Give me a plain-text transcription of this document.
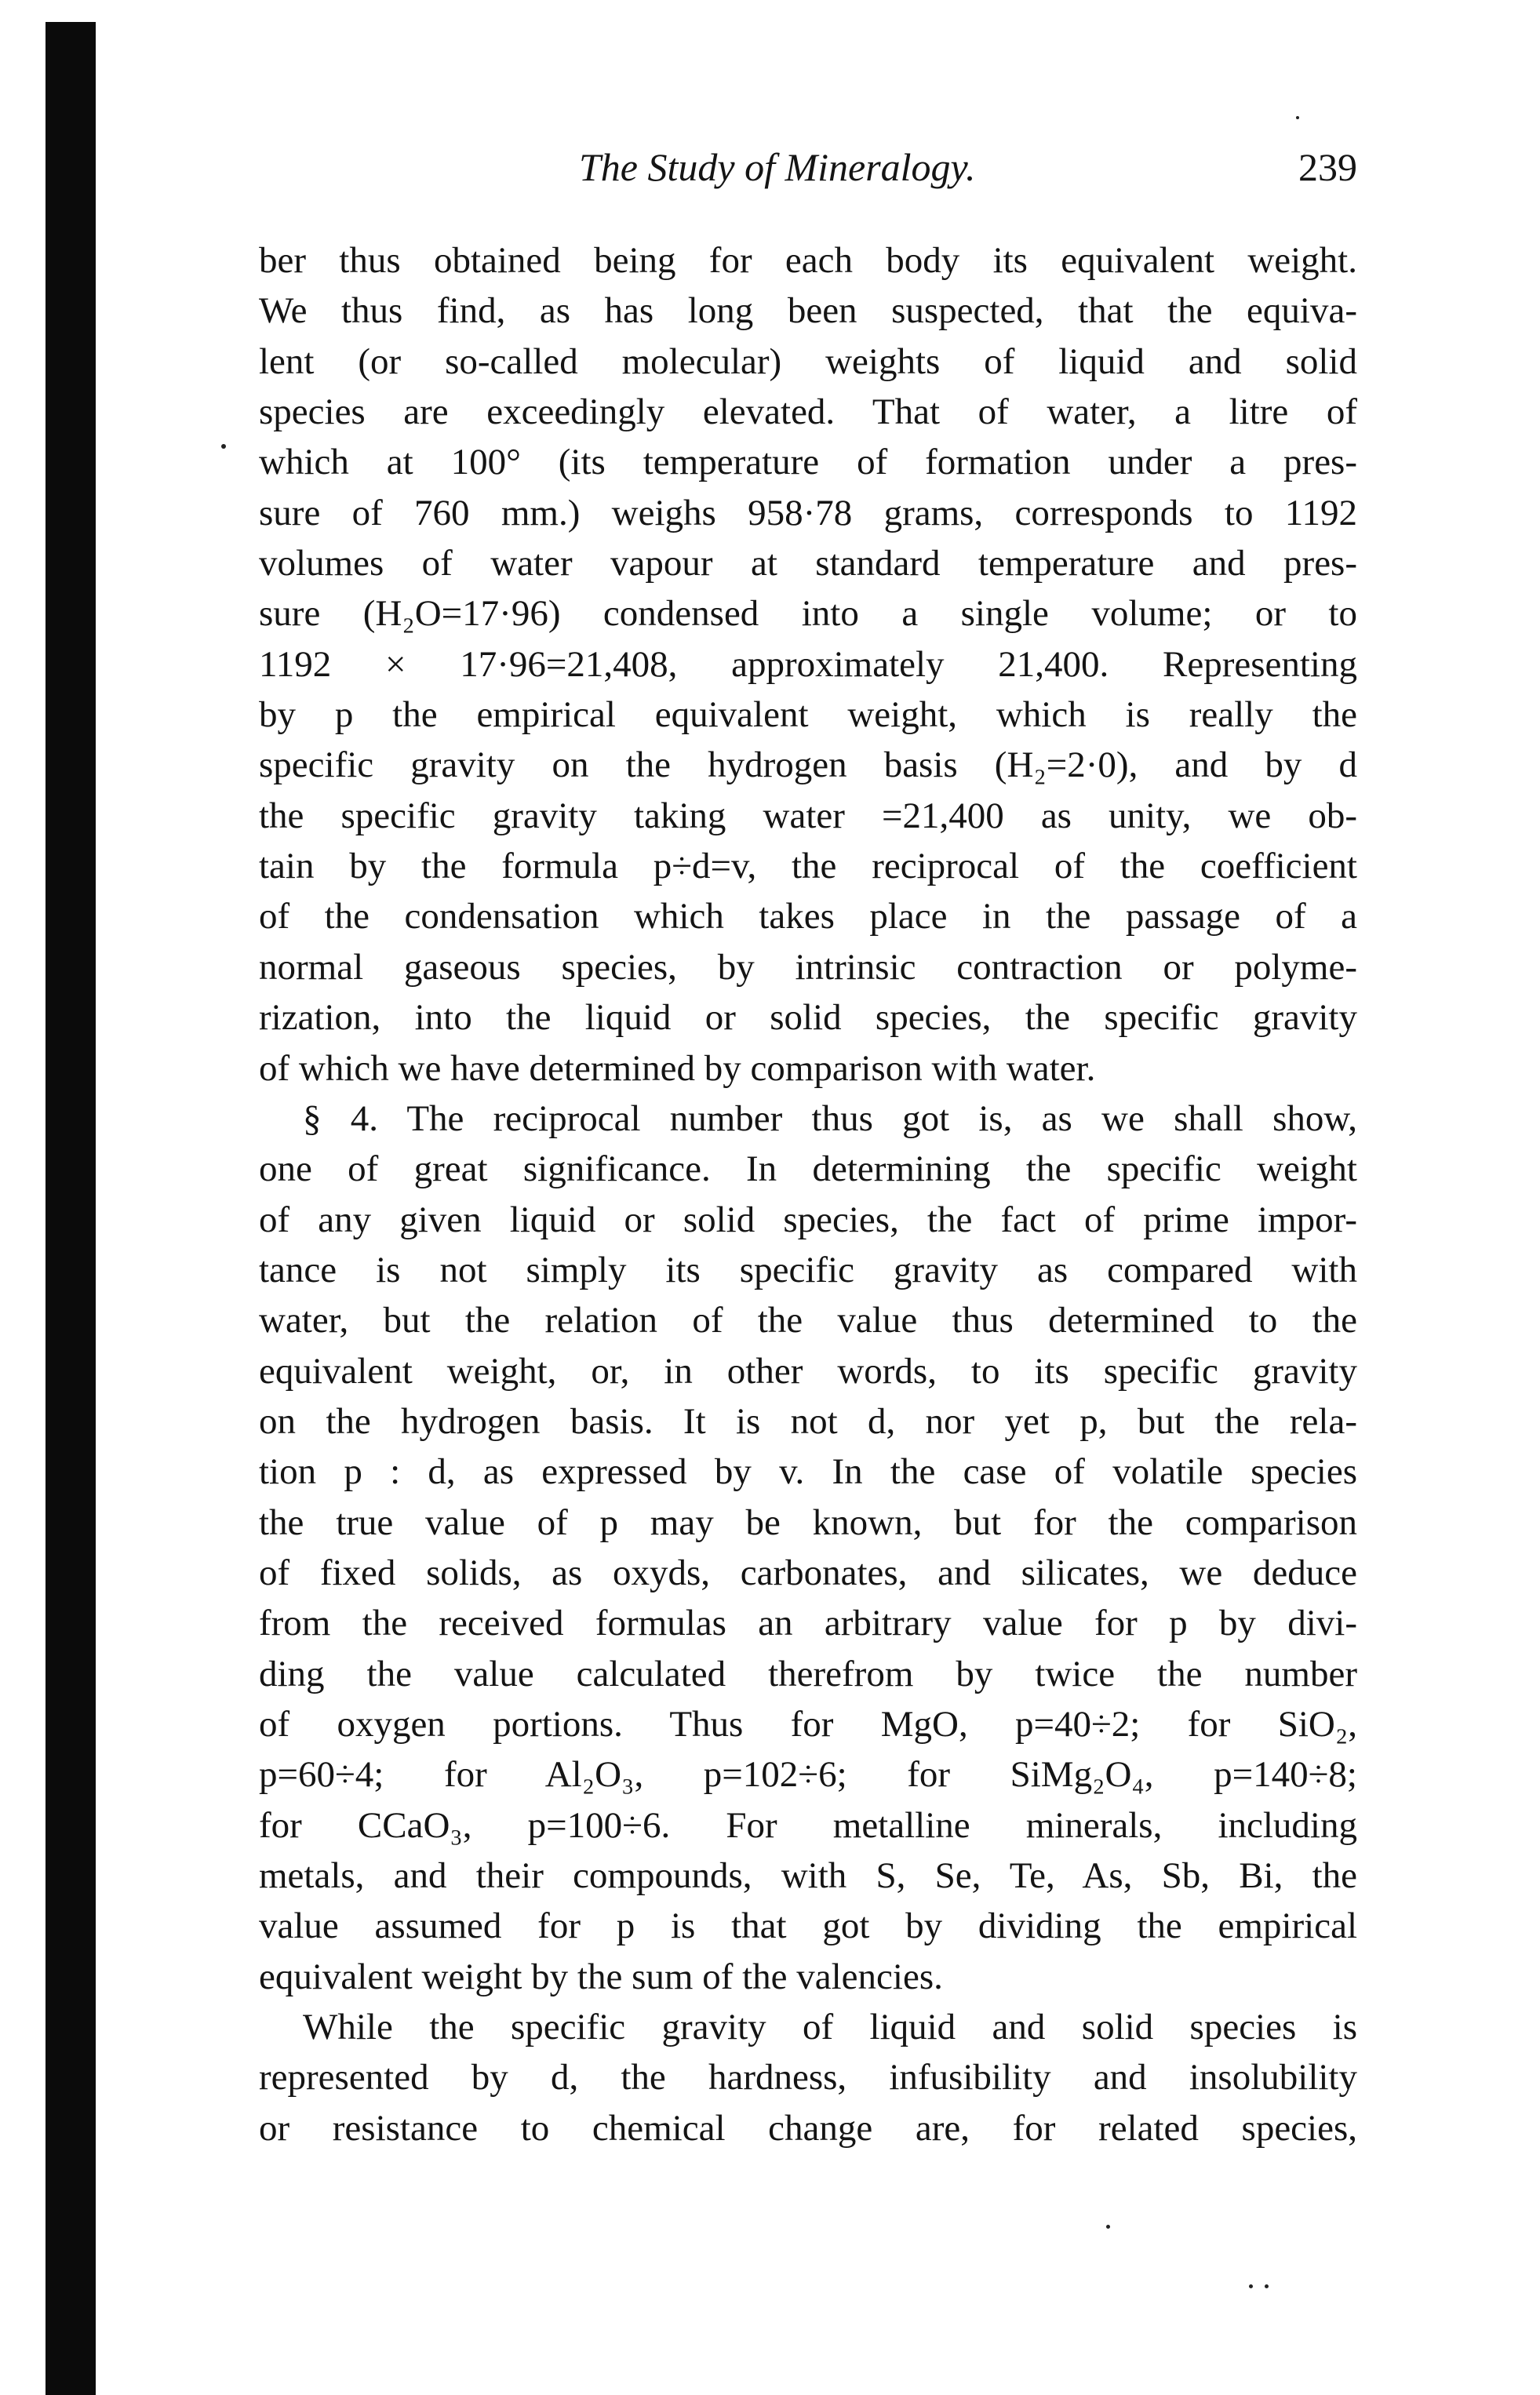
The Study of Mineralogy.	239
ber thus obtained being for each body its equivalent weight.
We thus find, as has long been suspected, that the equiva-
lent (or so-called molecular) weights of liquid and solid
species are exceedingly elevated. That of water, a litre of
which at 100° (its temperature of formation under a pres-
sure of 760 mm.) weighs 958·78 grams, corresponds to 1192
volumes of water vapour at standard temperature and pres-
sure (H₂O=17·96) condensed into a single volume; or to
1192 × 17·96=21,408, approximately 21,400. Representing
by p the empirical equivalent weight, which is really the
specific gravity on the hydrogen basis (H₂=2·0), and by d
the specific gravity taking water =21,400 as unity, we ob-
tain by the formula p÷d=v, the reciprocal of the coefficient
of the condensation which takes place in the passage of a
normal gaseous species, by intrinsic contraction or polyme-
rization, into the liquid or solid species, the specific gravity
of which we have determined by comparison with water.
§ 4. The reciprocal number thus got is, as we shall show,
one of great significance. In determining the specific weight
of any given liquid or solid species, the fact of prime impor-
tance is not simply its specific gravity as compared with
water, but the relation of the value thus determined to the
equivalent weight, or, in other words, to its specific gravity
on the hydrogen basis. It is not d, nor yet p, but the rela-
tion p : d, as expressed by v. In the case of volatile species
the true value of p may be known, but for the comparison
of fixed solids, as oxyds, carbonates, and silicates, we deduce
from the received formulas an arbitrary value for p by divi-
ding the value calculated therefrom by twice the number
of oxygen portions. Thus for MgO, p=40÷2; for SiO₂,
p=60÷4; for Al₂O₃, p=102÷6; for SiMg₂O₄, p=140÷8;
for CCaO₃, p=100÷6. For metalline minerals, including
metals, and their compounds, with S, Se, Te, As, Sb, Bi, the
value assumed for p is that got by dividing the empirical
equivalent weight by the sum of the valencies.
While the specific gravity of liquid and solid species is
represented by d, the hardness, infusibility and insolubility
or resistance to chemical change are, for related species,
